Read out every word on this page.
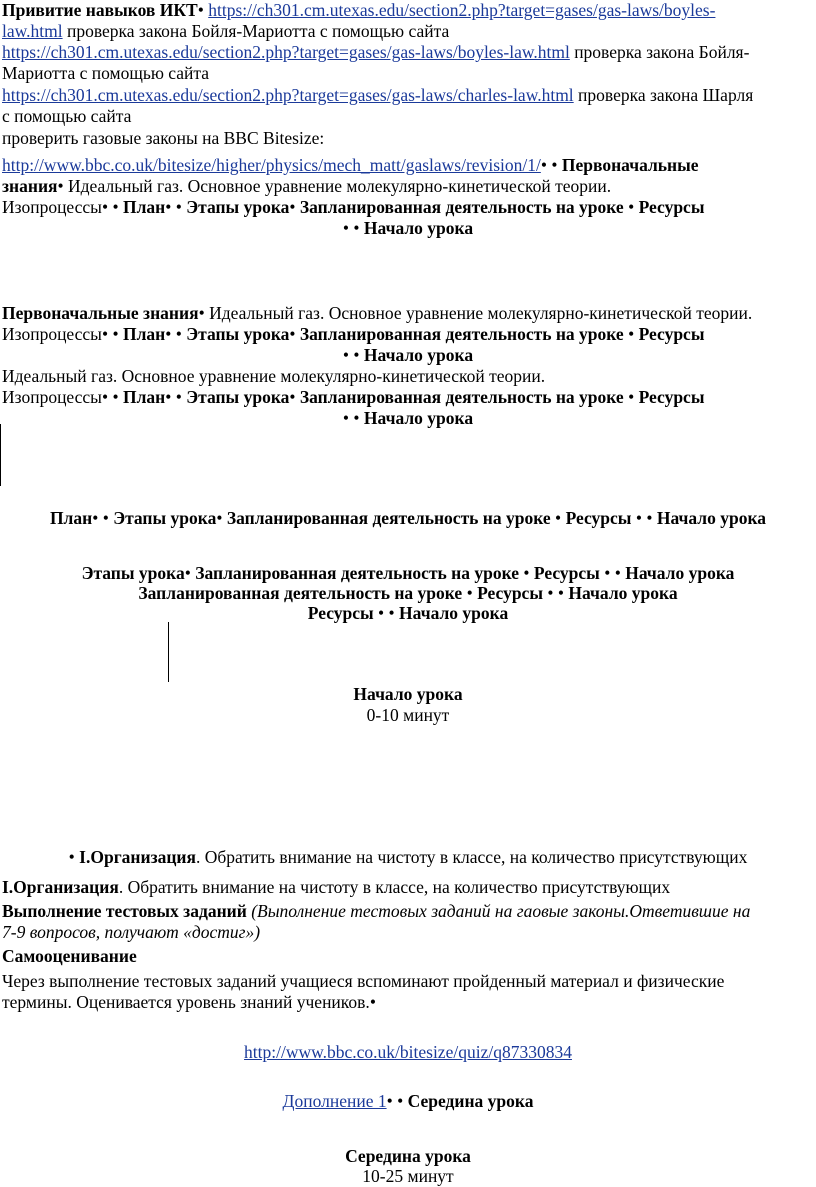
Привитие навыков ИКТ• https://ch301.cm.utexas.edu/section2.php?target=gases/gas-laws/boyles-
law.html проверка закона Бойля-Мариотта с помощью сайта
https://ch301.cm.utexas.edu/section2.php?target=gases/gas-laws/boyles-law.html проверка закона Бойля-
Мариотта с помощью сайта
https://ch301.cm.utexas.edu/section2.php?target=gases/gas-laws/charles-law.html проверка закона Шарля
с помощью сайта
проверить газовые законы на BBC Bitesize:
http://www.bbc.co.uk/bitesize/higher/physics/mech_matt/gaslaws/revision/1/• • Первоначальные
знания• Идеальный газ. Основное уравнение молекулярно-кинетической теории.
Изопроцессы• • План• • Этапы урока• Запланированная деятельность на уроке • Ресурсы
• • Начало урока
Первоначальные знания• Идеальный газ. Основное уравнение молекулярно-кинетической теории.
Изопроцессы• • План• • Этапы урока• Запланированная деятельность на уроке • Ресурсы
• • Начало урока
Идеальный газ. Основное уравнение молекулярно-кинетической теории.
Изопроцессы• • План• • Этапы урока• Запланированная деятельность на уроке • Ресурсы
• • Начало урока
План• • Этапы урока• Запланированная деятельность на уроке • Ресурсы • • Начало урока
Этапы урока• Запланированная деятельность на уроке • Ресурсы • • Начало урока
Запланированная деятельность на уроке • Ресурсы • • Начало урока
Ресурсы • • Начало урока
Начало урока
0-10 минут
• I.Организация. Обратить внимание на чистоту в классе, на количество присутствующих
I.Организация. Обратить внимание на чистоту в классе, на количество присутствующих
Выполнение тестовых заданий (Выполнение тестовых заданий на гаовые законы.Ответившие на
7-9 вопросов, получают «достиг»)
Самооценивание
Через выполнение тестовых заданий учащиеся вспоминают пройденный материал и физические
термины. Оценивается уровень знаний учеников.•
http://www.bbc.co.uk/bitesize/quiz/q87330834
Дополнение 1• • Середина урока
Середина урока
10-25 минут
